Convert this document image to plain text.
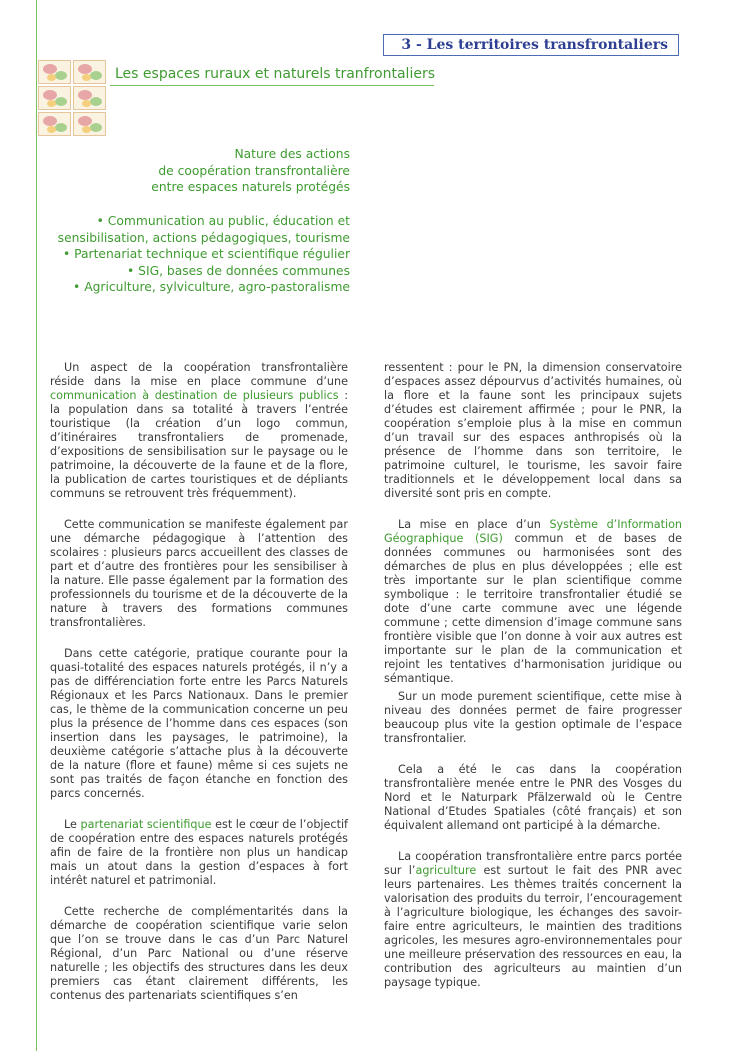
3 - Les territoires transfrontaliers
Les espaces ruraux et naturels tranfrontaliers
Nature des actions
de coopération transfrontalière
entre espaces naturels protégés
• Communication au public, éducation et
sensibilisation, actions pédagogiques, tourisme
• Partenariat technique et scientifique régulier
• SIG, bases de données communes
• Agriculture, sylviculture, agro-pastoralisme

Un aspect de la coopération transfrontalière réside dans la mise en place commune d’une communication à destination de plusieurs publics : la population dans sa totalité à travers l’entrée touristique (la création d’un logo commun, d’itinéraires transfrontaliers de promenade, d’expositions de sensibilisation sur le paysage ou le patrimoine, la découverte de la faune et de la flore, la publication de cartes touristiques et de dépliants communs se retrouvent très fréquemment).

Cette communication se manifeste également par une démarche pédagogique à l’attention des scolaires : plusieurs parcs accueillent des classes de part et d’autre des frontières pour les sensibiliser à la nature. Elle passe également par la formation des professionnels du tourisme et de la découverte de la nature à travers des formations communes transfrontalières.

Dans cette catégorie, pratique courante pour la quasi-totalité des espaces naturels protégés, il n’y a pas de différenciation forte entre les Parcs Naturels Régionaux et les Parcs Nationaux. Dans le premier cas, le thème de la communication concerne un peu plus la présence de l’homme dans ces espaces (son insertion dans les paysages, le patrimoine), la deuxième catégorie s’attache plus à la découverte de la nature (flore et faune) même si ces sujets ne sont pas traités de façon étanche en fonction des parcs concernés.

Le partenariat scientifique est le cœur de l’objectif de coopération entre des espaces naturels protégés afin de faire de la frontière non plus un handicap mais un atout dans la gestion d’espaces à fort intérêt naturel et patrimonial.

Cette recherche de complémentarités dans la démarche de coopération scientifique varie selon que l’on se trouve dans le cas d’un Parc Naturel Régional, d’un Parc National ou d’une réserve naturelle ; les objectifs des structures dans les deux premiers cas étant clairement différents, les contenus des partenariats scientifiques s’en

ressentent : pour le PN, la dimension conservatoire d’espaces assez dépourvus d’activités humaines, où la flore et la faune sont les principaux sujets d’études est clairement affirmée ; pour le PNR, la coopération s’emploie plus à la mise en commun d’un travail sur des espaces anthropisés où la présence de l’homme dans son territoire, le patrimoine culturel, le tourisme, les savoir faire traditionnels et le développement local dans sa diversité sont pris en compte.

La mise en place d’un Système d’Information Géographique (SIG) commun et de bases de données communes ou harmonisées sont des démarches de plus en plus développées ; elle est très importante sur le plan scientifique comme symbolique : le territoire transfrontalier étudié se dote d’une carte commune avec une légende commune ; cette dimension d’image commune sans frontière visible que l’on donne à voir aux autres est importante sur le plan de la communication et rejoint les tentatives d’harmonisation juridique ou sémantique.

Sur un mode purement scientifique, cette mise à niveau des données permet de faire progresser beaucoup plus vite la gestion optimale de l’espace transfrontalier.

Cela a été le cas dans la coopération transfrontalière menée entre le PNR des Vosges du Nord et le Naturpark Pfälzerwald où le Centre National d’Etudes Spatiales (côté français) et son équivalent allemand ont participé à la démarche.

La coopération transfrontalière entre parcs portée sur l’agriculture est surtout le fait des PNR avec leurs partenaires. Les thèmes traités concernent la valorisation des produits du terroir, l’encouragement à l’agriculture biologique, les échanges des savoir-faire entre agriculteurs, le maintien des traditions agricoles, les mesures agro-environnementales pour une meilleure préservation des ressources en eau, la contribution des agriculteurs au maintien d’un paysage typique.
